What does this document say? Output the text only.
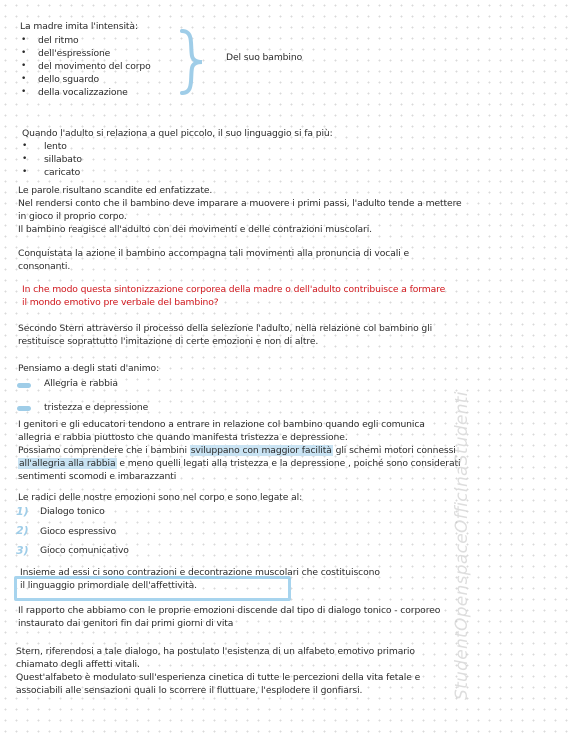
La madre imita l'intensità:
• del ritmo
• dell'espressione
• del movimento del corpo
• dello sguardo
• della vocalizzazione
Del suo bambino
Quando l'adulto si relaziona a quel piccolo, il suo linguaggio si fa più:
• lento
• sillabato
• caricato
Le parole risultano scandite ed enfatizzate.
Nel rendersi conto che il bambino deve imparare a muovere i primi passi, l'adulto tende a mettere
in gioco il proprio corpo.
Il bambino reagisce all'adulto con dei movimenti e delle contrazioni muscolari.
Conquistata la azione il bambino accompagna tali movimenti alla pronuncia di vocali e
consonanti.
In che modo questa sintonizzazione corporea della madre o dell'adulto contribuisce a formare
il mondo emotivo pre verbale del bambino?
Secondo Stern attraverso il processo della selezione l'adulto, nella relazione col bambino gli
restituisce soprattutto l'imitazione di certe emozioni e non di altre.
Pensiamo a degli stati d'animo:
Allegria e rabbia
tristezza e depressione
I genitori e gli educatori tendono a entrare in relazione col bambino quando egli comunica
allegria e rabbia piuttosto che quando manifesta tristezza e depressione.
Possiamo comprendere che i bambini sviluppano con maggior facilità gli schemi motori connessi
all'allegria alla rabbia e meno quelli legati alla tristezza e la depressione , poiché sono considerati
sentimenti scomodi e imbarazzanti
Le radici delle nostre emozioni sono nel corpo e sono legate al:
1) Dialogo tonico
2) Gioco espressivo
3) Gioco comunicativo
Insieme ad essi ci sono contrazioni e decontrazione muscolari che costituiscono
il linguaggio primordiale dell'affettività.
Il rapporto che abbiamo con le proprie emozioni discende dal tipo di dialogo tonico - corporeo
instaurato dai genitori fin dai primi giorni di vita
Stern, riferendosi a tale dialogo, ha postulato l'esistenza di un alfabeto emotivo primario
chiamato degli affetti vitali.
Quest'alfabeto è modulato sull'esperienza cinetica di tutte le percezioni della vita fetale e
associabili alle sensazioni quali lo scorrere il fluttuare, l'esplodere il gonfiarsi.	StudentOpenspaceOfficinaStudenti
